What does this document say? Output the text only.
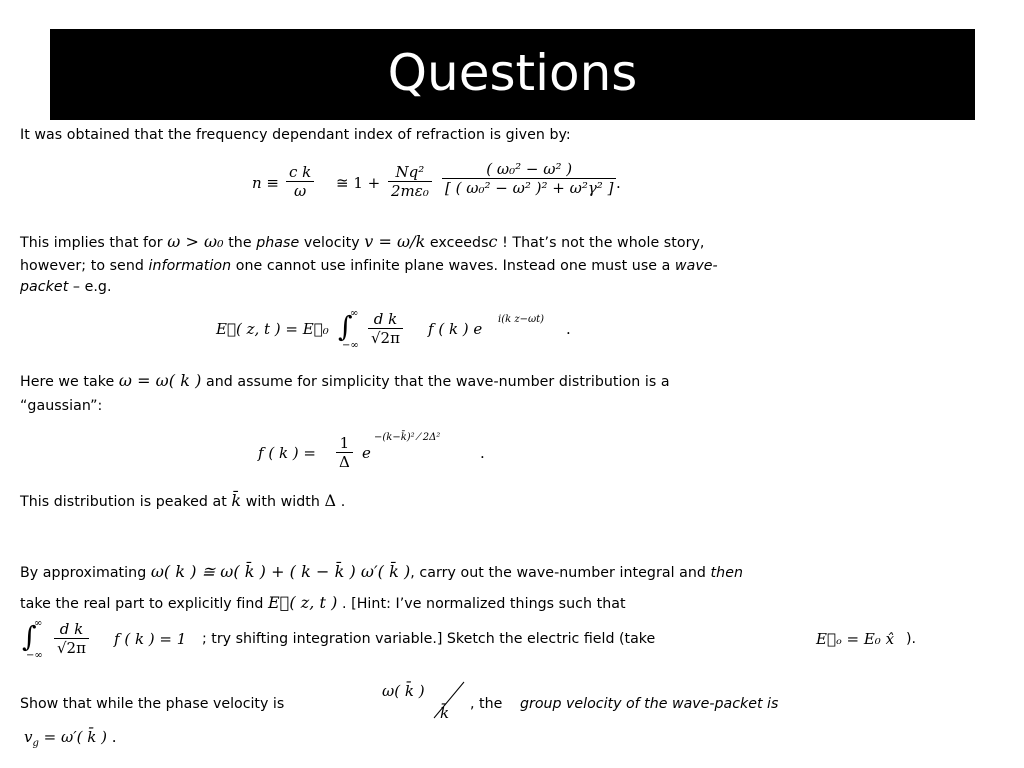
Questions
It was obtained that the frequency dependant index of refraction is given by:
$n \equiv \frac{\text{c k}}{\omega}$ ≅ $1 + \frac{\text{Nq²}}{\text{2mε₀}} \frac{\text{( ω₀² − ω² )}}{\text{[ ( ω₀² − ω² )² + ω²γ² ]}}$ .
This implies that for ω > ω₀ the phase velocity v = ω/k exceedsc ! That’s not the whole story,
however; to send information one cannot use infinite plane waves. Instead one must use a wave-
packet – e.g.
E⃗( z, t ) = E⃗₀ ∫
∞
−∞ $\frac{\text{d k}}{√2\pi}$ f ( k ) e
i(k z−ωt)
.
Here we take ω = ω( k ) and assume for simplicity that the wave-number distribution is a
“gaussian”:
f ( k ) = $\frac{1}{\Delta}$ e
−(k−k̄)² ⁄ 2Δ²
.
This distribution is peaked at k̄ with width Δ .
By approximating ω( k ) ≅ ω( k̄ ) + ( k − k̄ ) ω′( k̄ ), carry out the wave-number integral and then
take the real part to explicitly find E⃗( z, t ) . [Hint: I’ve normalized things such that
∫
∞
−∞ $\frac{\text{d k}}{√2\pi}$ f ( k ) = 1 ; try shifting integration variable.] Sketch the electric field (take	E⃗ₒ = E₀ x̂ ).
Show that while the phase velocity is
ω( k̄ )
k̄ , the group velocity of the wave-packet is
$v_g = \omega'$( k̄ ) .
